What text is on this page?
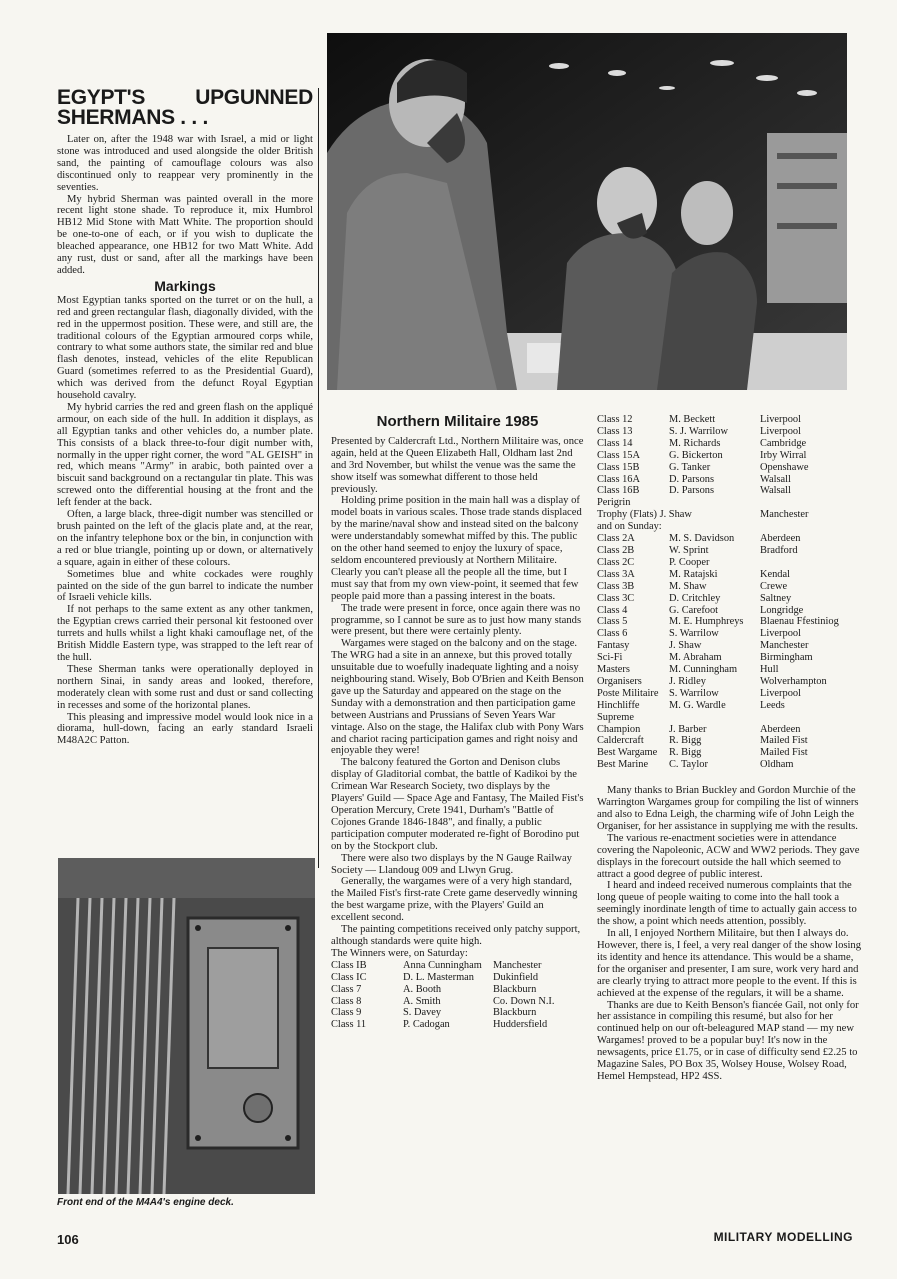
EGYPT'S UPGUNNED SHERMANS . . .

Later on, after the 1948 war with Israel, a mid or light stone was introduced and used alongside the older British sand, the painting of camouflage colours was also discontinued only to reappear very prominently in the seventies.

My hybrid Sherman was painted overall in the more recent light stone shade. To reproduce it, mix Humbrol HB12 Mid Stone with Matt White. The proportion should be one-to-one of each, or if you wish to duplicate the bleached appearance, one HB12 for two Matt White. Add any rust, dust or sand, after all the markings have been added.

Markings

Most Egyptian tanks sported on the turret or on the hull, a red and green rectangular flash, diagonally divided, with the red in the uppermost position. These were, and still are, the traditional colours of the Egyptian armoured corps while, contrary to what some authors state, the similar red and blue flash denotes, instead, vehicles of the elite Republican Guard (sometimes referred to as the Presidential Guard), which was derived from the defunct Royal Egyptian household cavalry.

My hybrid carries the red and green flash on the appliqué armour, on each side of the hull. In addition it displays, as all Egyptian tanks and other vehicles do, a number plate. This consists of a black three-to-four digit number with, normally in the upper right corner, the word "AL GEISH" in red, which means "Army" in arabic, both painted over a biscuit sand background on a rectangular tin plate. This was screwed onto the differential housing at the front and the left fender at the back.

Often, a large black, three-digit number was stencilled or brush painted on the left of the glacis plate and, at the rear, on the infantry telephone box or the bin, in conjunction with a red or blue triangle, pointing up or down, or alternatively a square, again in either of these colours.

Sometimes blue and white cockades were roughly painted on the side of the gun barrel to indicate the number of Israeli vehicle kills.

If not perhaps to the same extent as any other tankmen, the Egyptian crews carried their personal kit festooned over turrets and hulls whilst a light khaki camouflage net, of the British Middle Eastern type, was strapped to the left rear of the hull.

These Sherman tanks were operationally deployed in northern Sinai, in sandy areas and looked, therefore, moderately clean with some rust and dust or sand collecting in recesses and some of the horizontal planes.

This pleasing and impressive model would look nice in a diorama, hull-down, facing an early standard Israeli M48A2C Patton.

Front end of the M4A4's engine deck.

Northern Militaire 1985

Presented by Caldercraft Ltd., Northern Militaire was, once again, held at the Queen Elizabeth Hall, Oldham last 2nd and 3rd November, but whilst the venue was the same the show itself was somewhat different to those held previously.

Holding prime position in the main hall was a display of model boats in various scales. Those trade stands displaced by the marine/naval show and instead sited on the balcony were understandably somewhat miffed by this. The public on the other hand seemed to enjoy the luxury of space, seldom encountered previously at Northern Militaire. Clearly you can't please all the people all the time, but I must say that from my own view-point, it seemed that few people paid more than a passing interest in the boats.

The trade were present in force, once again there was no programme, so I cannot be sure as to just how many stands were present, but there were certainly plenty.

Wargames were staged on the balcony and on the stage. The WRG had a site in an annexe, but this proved totally unsuitable due to woefully inadequate lighting and a noisy neighbouring stand. Wisely, Bob O'Brien and Keith Benson gave up the Saturday and appeared on the stage on the Sunday with a demonstration and then participation game between Austrians and Prussians of Seven Years War vintage. Also on the stage, the Halifax club with Pony Wars and chariot racing participation games and right noisy and enjoyable they were!

The balcony featured the Gorton and Denison clubs display of Gladitorial combat, the battle of Kadikoi by the Crimean War Research Society, two displays by the Players' Guild — Space Age and Fantasy, The Mailed Fist's Operation Mercury, Crete 1941, Durham's "Battle of Cojones Grande 1846-1848", and finally, a public participation computer moderated re-fight of Borodino put on by the Stockport club.

There were also two displays by the N Gauge Railway Society — Llandoug 009 and Llwyn Grug.

Generally, the wargames were of a very high standard, the Mailed Fist's first-rate Crete game deservedly winning the best wargame prize, with the Players' Guild an excellent second.

The painting competitions received only patchy support, although standards were quite high.

The Winners were, on Saturday:

Class IB	Anna Cunningham	Manchester
Class IC	D. L. Masterman	Dukinfield
Class 7	A. Booth	Blackburn
Class 8	A. Smith	Co. Down N.I.
Class 9	S. Davey	Blackburn
Class 11	P. Cadogan	Huddersfield
Class 12	M. Beckett	Liverpool
Class 13	S. J. Warrilow	Liverpool
Class 14	M. Richards	Cambridge
Class 15A	G. Bickerton	Irby Wirral
Class 15B	G. Tanker	Openshawe
Class 16A	D. Parsons	Walsall
Class 16B	D. Parsons	Walsall
Perigrin		
Trophy (Flats) J. Shaw		Manchester
and on Sunday:		
Class 2A	M. S. Davidson	Aberdeen
Class 2B	W. Sprint	Bradford
Class 2C	P. Cooper	
Class 3A	M. Ratajski	Kendal
Class 3B	M. Shaw	Crewe
Class 3C	D. Critchley	Saltney
Class 4	G. Carefoot	Longridge
Class 5	M. E. Humphreys	Blaenau Ffestiniog
Class 6	S. Warrilow	Liverpool
Fantasy	J. Shaw	Manchester
Sci-Fi	M. Abraham	Birmingham
Masters	M. Cunningham	Hull
Organisers	J. Ridley	Wolverhampton
Poste Militaire	S. Warrilow	Liverpool
Hinchliffe	M. G. Wardle	Leeds
Supreme		
Champion	J. Barber	Aberdeen
Caldercraft	R. Bigg	Mailed Fist
Best Wargame	R. Bigg	Mailed Fist
Best Marine	C. Taylor	Oldham

Many thanks to Brian Buckley and Gordon Murchie of the Warrington Wargames group for compiling the list of winners and also to Edna Leigh, the charming wife of John Leigh the Organiser, for her assistance in supplying me with the results.

The various re-enactment societies were in attendance covering the Napoleonic, ACW and WW2 periods. They gave displays in the forecourt outside the hall which seemed to attract a good degree of public interest.

I heard and indeed received numerous complaints that the long queue of people waiting to come into the hall took a seemingly inordinate length of time to actually gain access to the show, a point which needs attention, possibly.

In all, I enjoyed Northern Militaire, but then I always do. However, there is, I feel, a very real danger of the show losing its identity and hence its attendance. This would be a shame, for the organiser and presenter, I am sure, work very hard and are clearly trying to attract more people to the event. If this is achieved at the expense of the regulars, it will be a shame.

Thanks are due to Keith Benson's fiancée Gail, not only for her assistance in compiling this resumé, but also for her continued help on our oft-beleagured MAP stand — my new Wargames! proved to be a popular buy! It's now in the newsagents, price £1.75, or in case of difficulty send £2.25 to Magazine Sales, PO Box 35, Wolsey House, Wolsey Road, Hemel Hempstead, HP2 4SS.

106	MILITARY MODELLING
